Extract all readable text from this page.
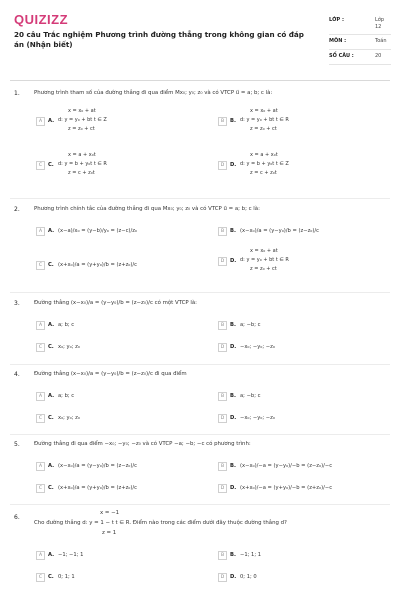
QUIZIZZ
20 câu Trắc nghiệm Phương trình đường thẳng trong không gian có đáp án (Nhận biết)
LỚP :	Lớp 12
MÔN :	Toán
SỐ CÂU :	20
1.	Phương trình tham số của đường thẳng đi qua điểm Mx₀; y₀; z₀ và có VTCP u⃗ = a; b; c là:
A	A.
x = x₀ + at
d: y = y₀ + bt t ∈ Z
z = z₀ + ct
B	B.
x = x₀ + at
d: y = y₀ + bt t ∈ R
z = z₀ + ct
C	C.
x = a + x₀t
d: y = b + y₀t t ∈ R
z = c + z₀t
D	D.
x = a + x₀t
d: y = b + y₀t t ∈ Z
z = c + z₀t
2.	Phương trình chính tắc của đường thẳng đi qua Mx₀; y₀; z₀ và có VTCP u⃗ = a; b; c là:
A	A. (x−a)/x₀ = (y−b)/y₀ = (z−c)/z₀	B	B. (x−x₀)/a = (y−y₀)/b = (z−z₀)/c
C	C. (x+x₀)/a = (y+y₀)/b = (z+z₀)/c
D	D.
x = x₀ + at
d: y = y₀ + bt t ∈ R
z = z₀ + ct
3.	Đường thẳng (x−x₀)/a = (y−y₀)/b = (z−z₀)/c có một VTCP là:
A	A. a; b; c	B	B. a; −b; c
C	C. x₀; y₀; z₀	D	D. −x₀; −y₀; −z₀
4.	Đường thẳng (x−x₀)/a = (y−y₀)/b = (z−z₀)/c đi qua điểm
A	A. a; b; c	B	B. a; −b; c
C	C. x₀; y₀; z₀	D	D. −x₀; −y₀; −z₀
5.	Đường thẳng đi qua điểm −x₀; −y₀; −z₀ và có VTCP −a; −b; −c có phương trình:
A	A. (x−x₀)/a = (y−y₀)/b = (z−z₀)/c	B	B. (x−x₀)/−a = (y−y₀)/−b = (z−z₀)/−c
C	C. (x+x₀)/a = (y+y₀)/b = (z+z₀)/c	D	D. (x+x₀)/−a = (y+y₀)/−b = (z+z₀)/−c
6.
x = −1
Cho đường thẳng d: y = 1 − t t ∈ R. Điểm nào trong các điểm dưới đây thuộc đường thẳng d?
z = 1
A	A. −1; −1; 1	B	B. −1; 1; 1
C	C. 0; 1; 1	D	D. 0; 1; 0
